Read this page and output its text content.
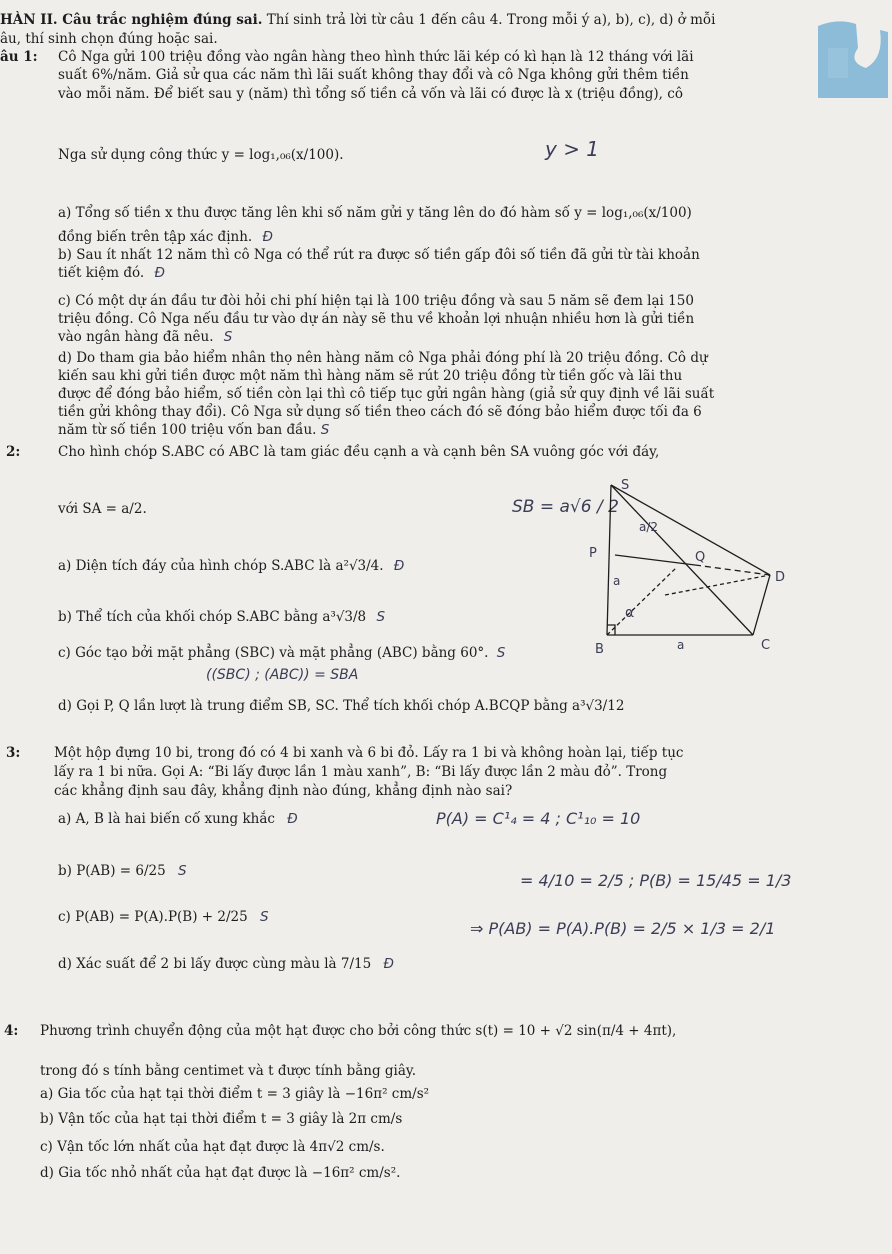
HÀN II. Câu trắc nghiệm đúng sai. Thí sinh trả lời từ câu 1 đến câu 4. Trong mỗi ý a), b), c), d) ở mỗi
âu, thí sinh chọn đúng hoặc sai.
âu 1: Cô Nga gửi 100 triệu đồng vào ngân hàng theo hình thức lãi kép có kì hạn là 12 tháng với lãi
suất 6%/năm. Giả sử qua các năm thì lãi suất không thay đổi và cô Nga không gửi thêm tiền
vào mỗi năm. Để biết sau y (năm) thì tổng số tiền cả vốn và lãi có được là x (triệu đồng), cô
Nga sử dụng công thức y = log₁,₀₆(x/100).	y > 1
a) Tổng số tiền x thu được tăng lên khi số năm gửi y tăng lên do đó hàm số y = log₁,₀₆(x/100)
đồng biến trên tập xác định. Đ
b) Sau ít nhất 12 năm thì cô Nga có thể rút ra được số tiền gấp đôi số tiền đã gửi từ tài khoản
tiết kiệm đó. Đ
c) Có một dự án đầu tư đòi hỏi chi phí hiện tại là 100 triệu đồng và sau 5 năm sẽ đem lại 150
triệu đồng. Cô Nga nếu đầu tư vào dự án này sẽ thu về khoản lợi nhuận nhiều hơn là gửi tiền
vào ngân hàng đã nêu. S
d) Do tham gia bảo hiểm nhân thọ nên hàng năm cô Nga phải đóng phí là 20 triệu đồng. Cô dự
kiến sau khi gửi tiền được một năm thì hàng năm sẽ rút 20 triệu đồng từ tiền gốc và lãi thu
được để đóng bảo hiểm, số tiền còn lại thì cô tiếp tục gửi ngân hàng (giả sử quy định về lãi suất
tiền gửi không thay đổi). Cô Nga sử dụng số tiền theo cách đó sẽ đóng bảo hiểm được tối đa 6
năm từ số tiền 100 triệu vốn ban đầu. S
2:	Cho hình chóp S.ABC có ABC là tam giác đều cạnh a và cạnh bên SA vuông góc với đáy,
với SA = a/2.	SB = a√6 / 2
a) Diện tích đáy của hình chóp S.ABC là a²√3/4. Đ
b) Thể tích của khối chóp S.ABC bằng a³√3/8 S
c) Góc tạo bởi mặt phẳng (SBC) và mặt phẳng (ABC) bằng 60°. S
((SBC) ; (ABC)) = SBA
d) Gọi P, Q lần lượt là trung điểm SB, SC. Thể tích khối chóp A.BCQP bằng a³√3/12
S
P	Q
D
B	C
a/2
a
a
α
3: Một hộp đựng 10 bi, trong đó có 4 bi xanh và 6 bi đỏ. Lấy ra 1 bi và không hoàn lại, tiếp tục
lấy ra 1 bi nữa. Gọi A: “Bi lấy được lần 1 màu xanh”, B: “Bi lấy được lần 2 màu đỏ”. Trong
các khẳng định sau đây, khẳng định nào đúng, khẳng định nào sai?
a) A, B là hai biến cố xung khắc Đ	P(A) = C¹₄ = 4 ; C¹₁₀ = 10
b) P(AB) = 6/25 S	= 4/10 = 2/5 ; P(B) = 15/45 = 1/3
c) P(AB) = P(A).P(B) + 2/25 S
⇒ P(AB) = P(A).P(B) = 2/5 × 1/3 = 2/1
d) Xác suất để 2 bi lấy được cùng màu là 7/15 Đ
4: Phương trình chuyển động của một hạt được cho bởi công thức s(t) = 10 + √2 sin(π/4 + 4πt),
trong đó s tính bằng centimet và t được tính bằng giây.
a) Gia tốc của hạt tại thời điểm t = 3 giây là −16π² cm/s²
b) Vận tốc của hạt tại thời điểm t = 3 giây là 2π cm/s
c) Vận tốc lớn nhất của hạt đạt được là 4π√2 cm/s.
d) Gia tốc nhỏ nhất của hạt đạt được là −16π² cm/s².
